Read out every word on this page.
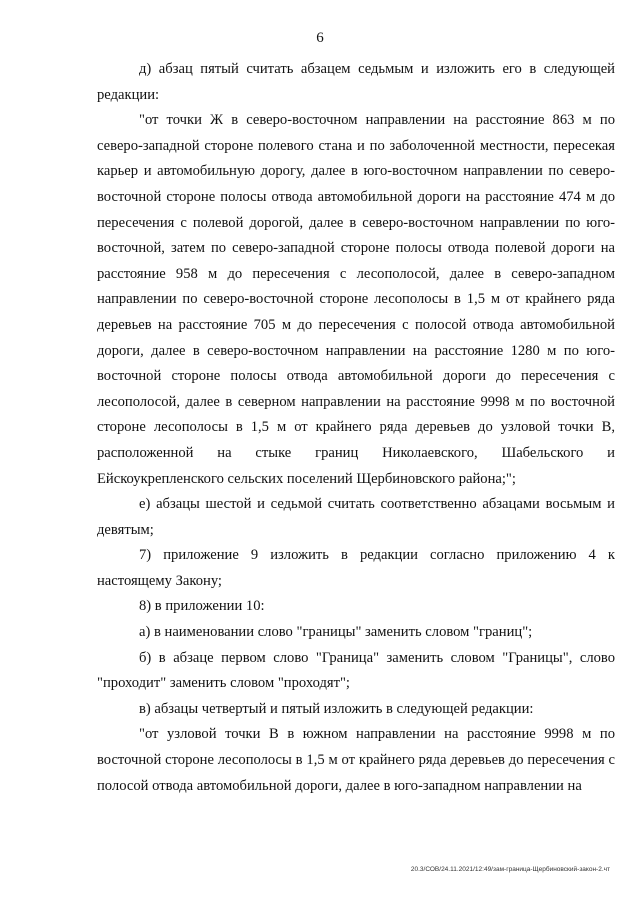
6

д) абзац пятый считать абзацем седьмым и изложить его в следующей редакции:

"от точки Ж в северо-восточном направлении на расстояние 863 м по северо-западной стороне полевого стана и по заболоченной местности, пересекая карьер и автомобильную дорогу, далее в юго-восточном направлении по северо-восточной стороне полосы отвода автомобильной дороги на расстояние 474 м до пересечения с полевой дорогой, далее в северо-восточном направлении по юго-восточной, затем по северо-западной стороне полосы отвода полевой дороги на расстояние 958 м до пересечения с лесополосой, далее в северо-западном направлении по северо-восточной стороне лесополосы в 1,5 м от крайнего ряда деревьев на расстояние 705 м до пересечения с полосой отвода автомобильной дороги, далее в северо-восточном направлении на расстояние 1280 м по юго-восточной стороне полосы отвода автомобильной дороги до пересечения с лесополосой, далее в северном направлении на расстояние 9998 м по восточной стороне лесополосы в 1,5 м от крайнего ряда деревьев до узловой точки В, расположенной на стыке границ Николаевского, Шабельского и Ейскоукрепленского сельских поселений Щербиновского района;";

е) абзацы шестой и седьмой считать соответственно абзацами восьмым и девятым;

7) приложение 9 изложить в редакции согласно приложению 4 к настоящему Закону;

8) в приложении 10:

а) в наименовании слово "границы" заменить словом "границ";

б) в абзаце первом слово "Граница" заменить словом "Границы", слово "проходит" заменить словом "проходят";

в) абзацы четвертый и пятый изложить в следующей редакции:

"от узловой точки В в южном направлении на расстояние 9998 м по восточной стороне лесополосы в 1,5 м от крайнего ряда деревьев до пересечения с полосой отвода автомобильной дороги, далее в юго-западном направлении на

20.3/СОВ/24.11.2021/12:49/зам-граница-Щербиновский-закон-2.чт
